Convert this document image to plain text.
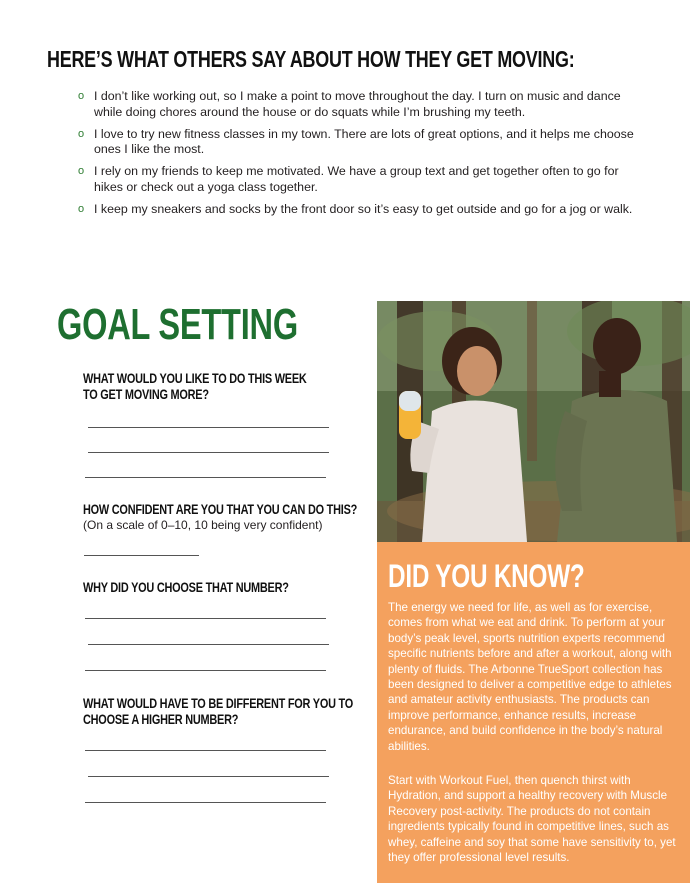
HERE’S WHAT OTHERS SAY ABOUT HOW THEY GET MOVING:
o I don’t like working out, so I make a point to move throughout the day. I turn on music and dance while doing chores around the house or do squats while I’m brushing my teeth.
o I love to try new fitness classes in my town. There are lots of great options, and it helps me choose ones I like the most.
o I rely on my friends to keep me motivated. We have a group text and get together often to go for hikes or check out a yoga class together.
o I keep my sneakers and socks by the front door so it’s easy to get outside and go for a jog or walk.
GOAL SETTING
WHAT WOULD YOU LIKE TO DO THIS WEEK
TO GET MOVING MORE?
HOW CONFIDENT ARE YOU THAT YOU CAN DO THIS?
(On a scale of 0–10, 10 being very confident)
WHY DID YOU CHOOSE THAT NUMBER?
WHAT WOULD HAVE TO BE DIFFERENT FOR YOU TO
CHOOSE A HIGHER NUMBER?
DID YOU KNOW?
The energy we need for life, as well as for exercise, comes from what we eat and drink. To perform at your body’s peak level, sports nutrition experts recommend specific nutrients before and after a workout, along with plenty of fluids. The Arbonne TrueSport collection has been designed to deliver a competitive edge to athletes and amateur activity enthusiasts. The products can improve performance, enhance results, increase endurance, and build confidence in the body’s natural abilities.
Start with Workout Fuel, then quench thirst with Hydration, and support a healthy recovery with Muscle Recovery post-activity. The products do not contain ingredients typically found in competitive lines, such as whey, caffeine and soy that some have sensitivity to, yet they offer professional level results.
